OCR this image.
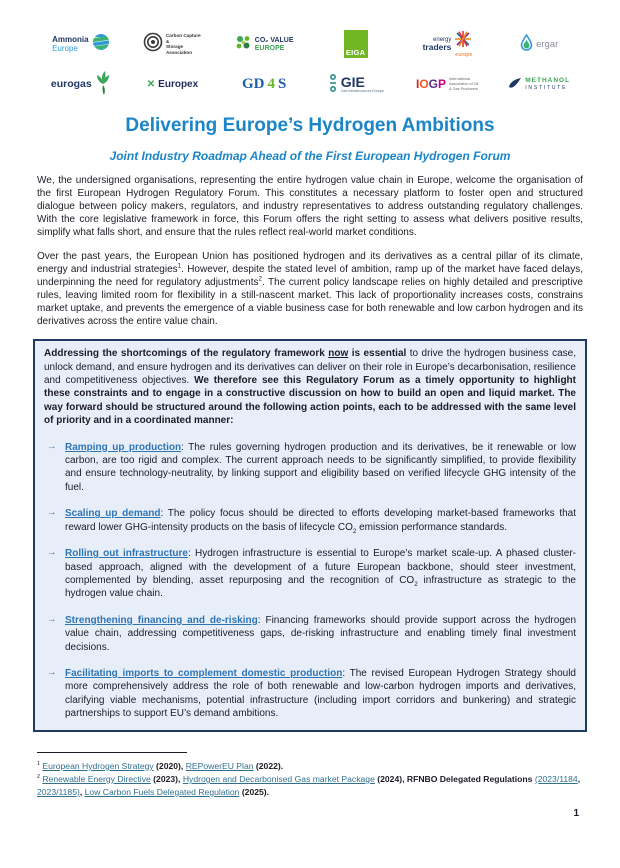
Ammonia
Europe
Carbon Capture &
Storage Association
CO₂ VALUE
EUROPE	EIGA
energy
traders
europe
ergar
eurogas	✕ Europex	GD 4 S	GIE
Gas Infrastructures Europe	IOGP International Association of Oil & Gas Producers
METHANOL
INSTITUTE
Delivering Europe’s Hydrogen Ambitions
Joint Industry Roadmap Ahead of the First European Hydrogen Forum

We, the undersigned organisations, representing the entire hydrogen value chain in Europe, welcome the organisation of the first European Hydrogen Regulatory Forum. This constitutes a necessary platform to foster open and structured dialogue between policy makers, regulators, and industry representatives to address outstanding regulatory challenges. With the core legislative framework in force, this Forum offers the right setting to assess what delivers positive results, simplify what falls short, and ensure that the rules reflect real-world market conditions.

Over the past years, the European Union has positioned hydrogen and its derivatives as a central pillar of its climate, energy and industrial strategies$^1$. However, despite the stated level of ambition, ramp up of the market have faced delays, underpinning the need for regulatory adjustments$^2$. The current policy landscape relies on highly detailed and prescriptive rules, leaving limited room for flexibility in a still-nascent market. This lack of proportionality increases costs, constrains market uptake, and prevents the emergence of a viable business case for both renewable and low carbon hydrogen and its derivatives across the entire value chain.

Addressing the shortcomings of the regulatory framework now is essential to drive the hydrogen business case, unlock demand, and ensure hydrogen and its derivatives can deliver on their role in Europe’s decarbonisation, resilience and competitiveness objectives. We therefore see this Regulatory Forum as a timely opportunity to highlight these constraints and to engage in a constructive discussion on how to build an open and liquid market. The way forward should be structured around the following action points, each to be addressed with the same level of priority and in a coordinated manner:

→ Ramping up production: The rules governing hydrogen production and its derivatives, be it renewable or low carbon, are too rigid and complex. The current approach needs to be significantly simplified, to provide flexibility and ensure technology-neutrality, by linking support and eligibility based on verified lifecycle GHG intensity of the fuel.
→ Scaling up demand: The policy focus should be directed to efforts developing market-based frameworks that reward lower GHG-intensity products on the basis of lifecycle $CO_2$ emission performance standards.
→ Rolling out infrastructure: Hydrogen infrastructure is essential to Europe’s market scale-up. A phased cluster-based approach, aligned with the development of a future European backbone, should steer investment, complemented by blending, asset repurposing and the recognition of $CO_2$ infrastructure as strategic to the hydrogen value chain.
→ Strengthening financing and de-risking: Financing frameworks should provide support across the hydrogen value chain, addressing competitiveness gaps, de-risking infrastructure and enabling timely final investment decisions.
→ Facilitating imports to complement domestic production: The revised European Hydrogen Strategy should more comprehensively address the role of both renewable and low-carbon hydrogen imports and derivatives, clarifying viable mechanisms, potential infrastructure (including import corridors and bunkering) and strategic partnerships to support EU’s demand ambitions.
$^1$ European Hydrogen Strategy (2020), REPowerEU Plan (2022).
$^2$ Renewable Energy Directive (2023), Hydrogen and Decarbonised Gas market Package (2024), RFNBO Delegated Regulations (2023/1184, 2023/1185), Low Carbon Fuels Delegated Regulation (2025).
1
